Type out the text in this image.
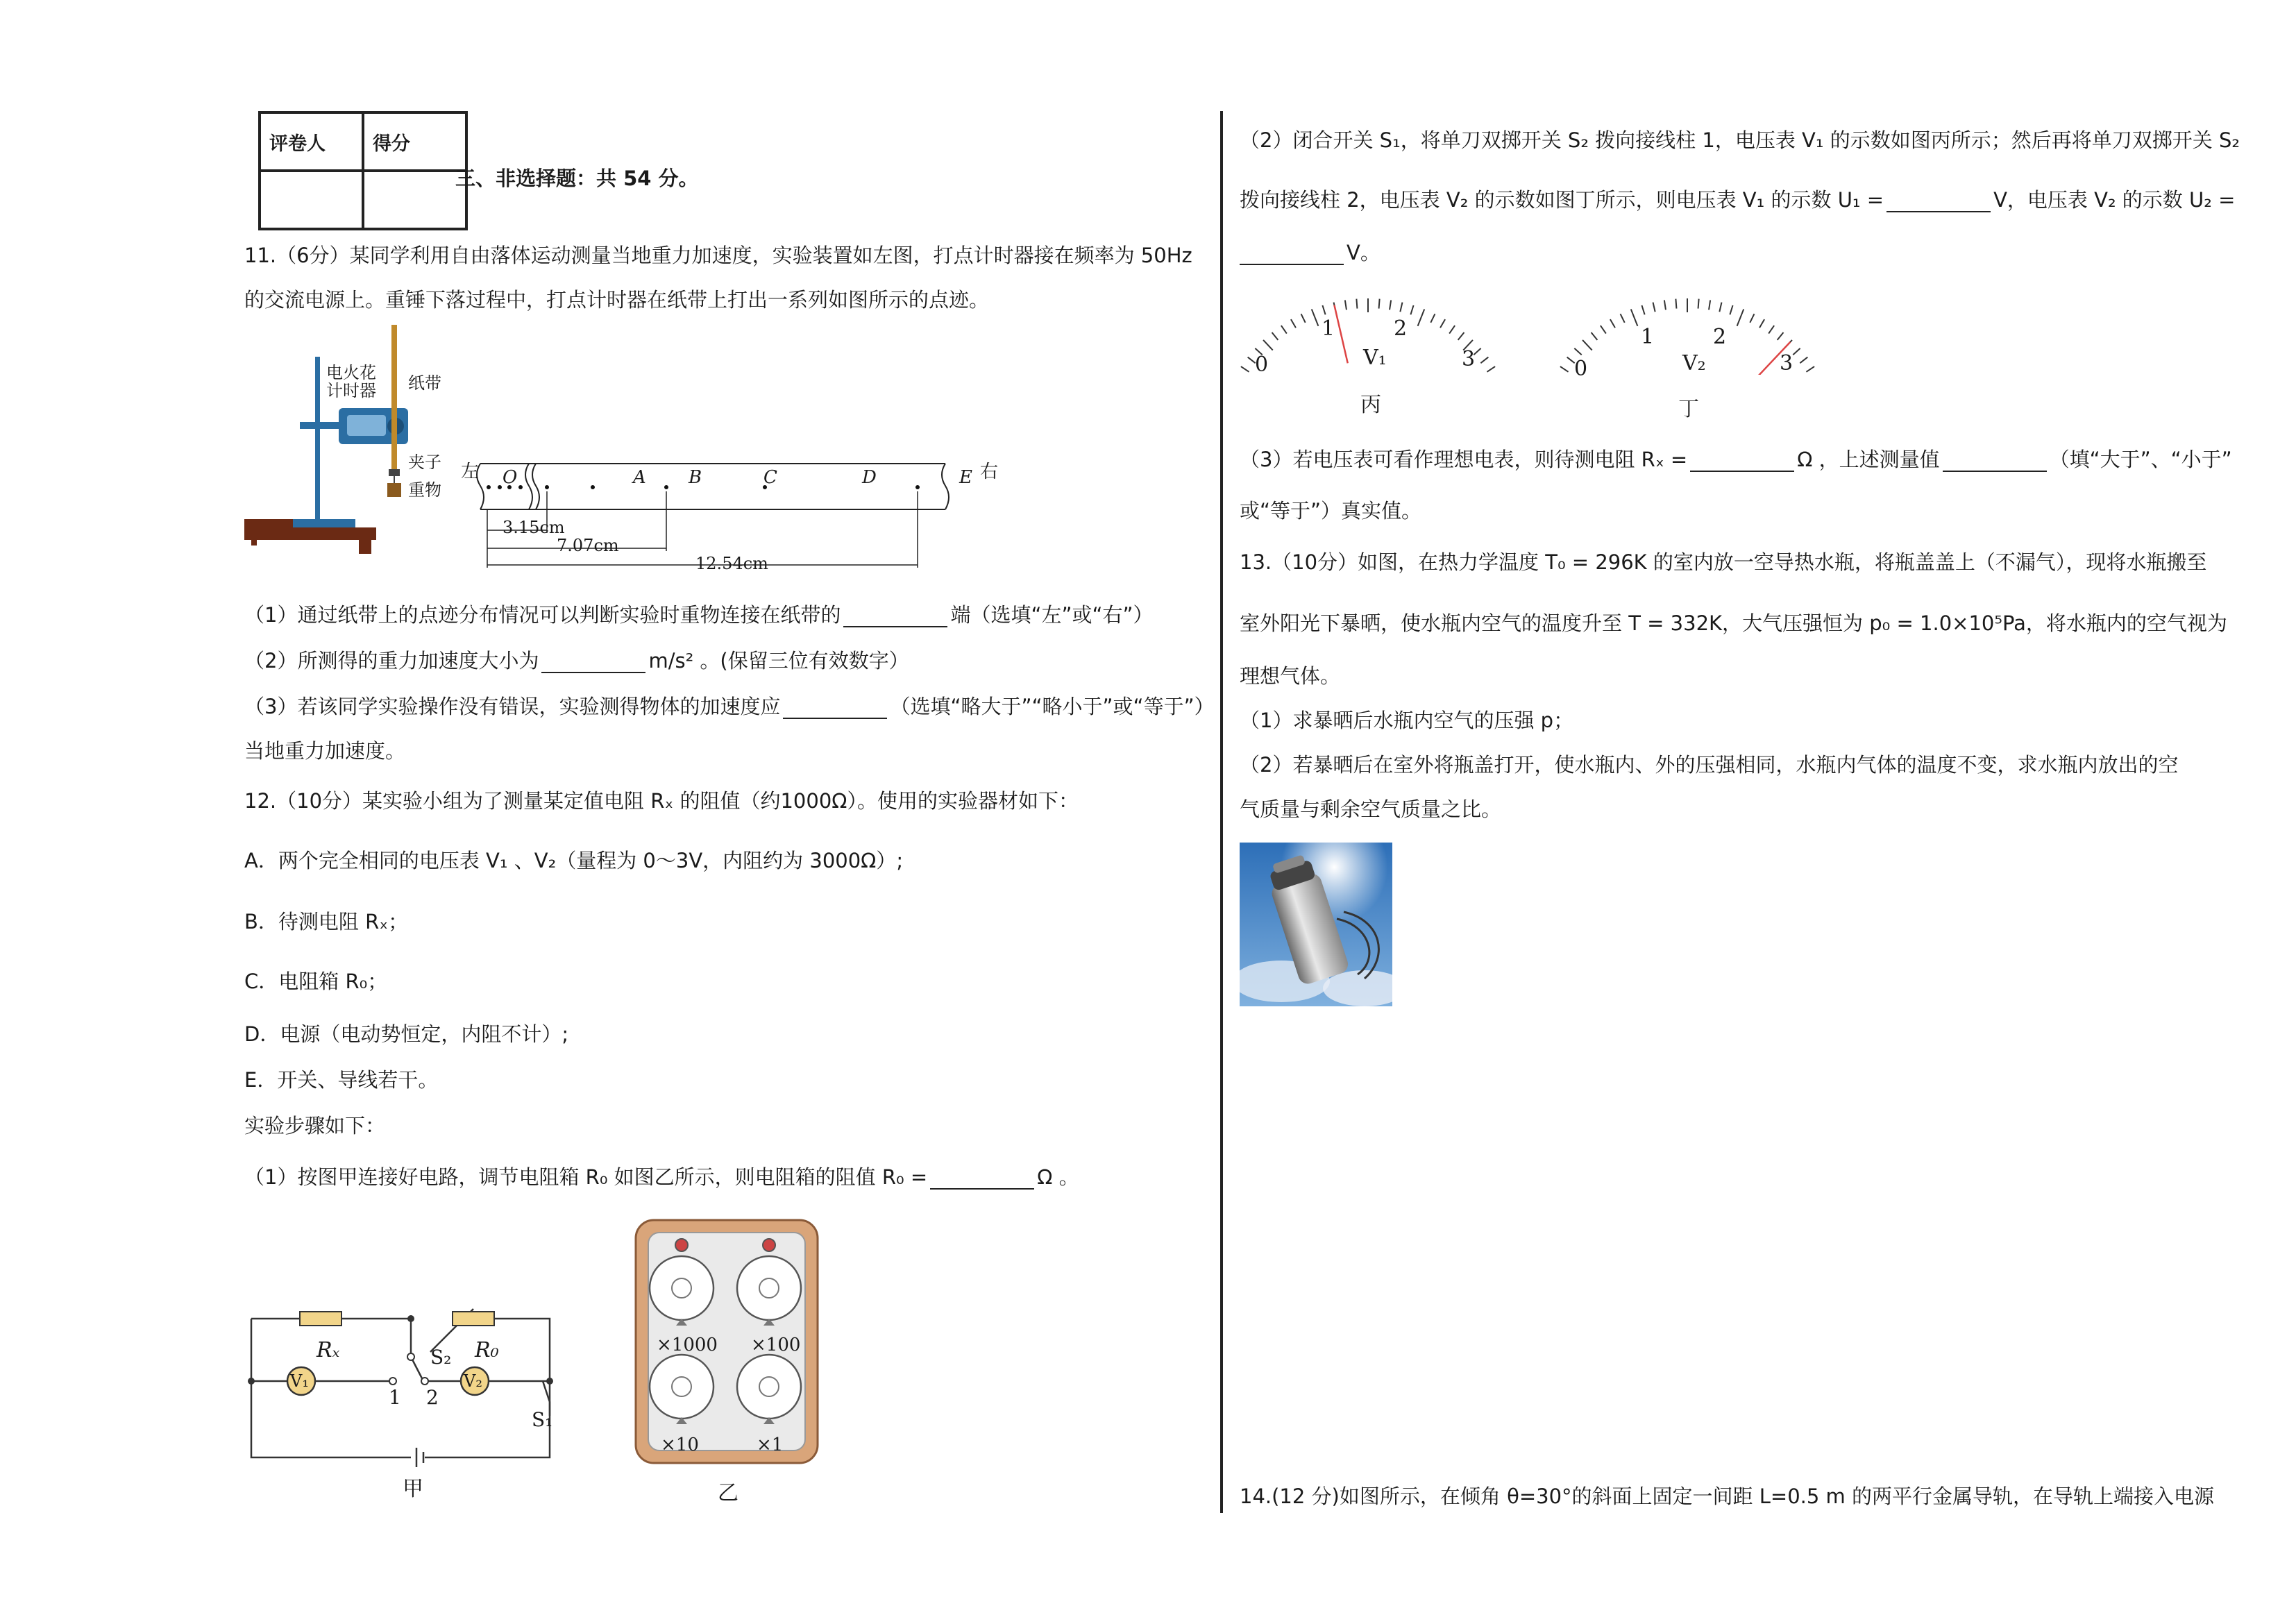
评卷人	得分

三、非选择题：共 54 分。
11.（6分）某同学利用自由落体运动测量当地重力加速度，实验装置如左图，打点计时器接在频率为 50Hz
的交流电源上。重锤下落过程中，打点计时器在纸带上打出一系列如图所示的点迹。
电火花
计时器 纸带
夹子
重物
左	右
O	A B	C	D	E
3.15cm
7.07cm
12.54cm
（1）通过纸带上的点迹分布情况可以判断实验时重物连接在纸带的	端（选填“左”或“右”）
（2）所测得的重力加速度大小为	m/s² 。(保留三位有效数字）
（3）若该同学实验操作没有错误，实验测得物体的加速度应	（选填“略大于”“略小于”或“等于”）
当地重力加速度。
12.（10分）某实验小组为了测量某定值电阻 Rₓ 的阻值（约1000Ω）。使用的实验器材如下：
A．两个完全相同的电压表 V₁ 、V₂（量程为 0～3V，内阻约为 3000Ω）;
B．待测电阻 Rₓ；
C．电阻箱 R₀；
D．电源（电动势恒定，内阻不计）;
E．开关、导线若干。
实验步骤如下：
（1）按图甲连接好电路，调节电阻箱 R₀ 如图乙所示，则电阻箱的阻值 R₀ =	Ω 。
Rₓ	R₀
V₁	V₂
S₂
S₁
1 2
甲
×1000 ×100
×10	×1
乙
（2）闭合开关 S₁，将单刀双掷开关 S₂ 拨向接线柱 1，电压表 V₁ 的示数如图丙所示；然后再将单刀双掷开关 S₂
拨向接线柱 2，电压表 V₂ 的示数如图丁所示，则电压表 V₁ 的示数 U₁ =	V，电压表 V₂ 的示数 U₂ =
V。
0
1	2
3
V₁
丙
0
1	2
3
V₂
丁
（3）若电压表可看作理想电表，则待测电阻 Rₓ =	Ω ，上述测量值	（填“大于”、“小于”
或“等于”）真实值。
13.（10分）如图，在热力学温度 T₀ = 296K 的室内放一空导热水瓶，将瓶盖盖上（不漏气），现将水瓶搬至
室外阳光下暴晒，使水瓶内空气的温度升至 T = 332K，大气压强恒为 p₀ = 1.0×10⁵Pa，将水瓶内的空气视为
理想气体。
（1）求暴晒后水瓶内空气的压强 p；
（2）若暴晒后在室外将瓶盖打开，使水瓶内、外的压强相同，水瓶内气体的温度不变，求水瓶内放出的空
气质量与剩余空气质量之比。
14.(12 分)如图所示，在倾角 θ=30°的斜面上固定一间距 L=0.5 m 的两平行金属导轨，在导轨上端接入电源
